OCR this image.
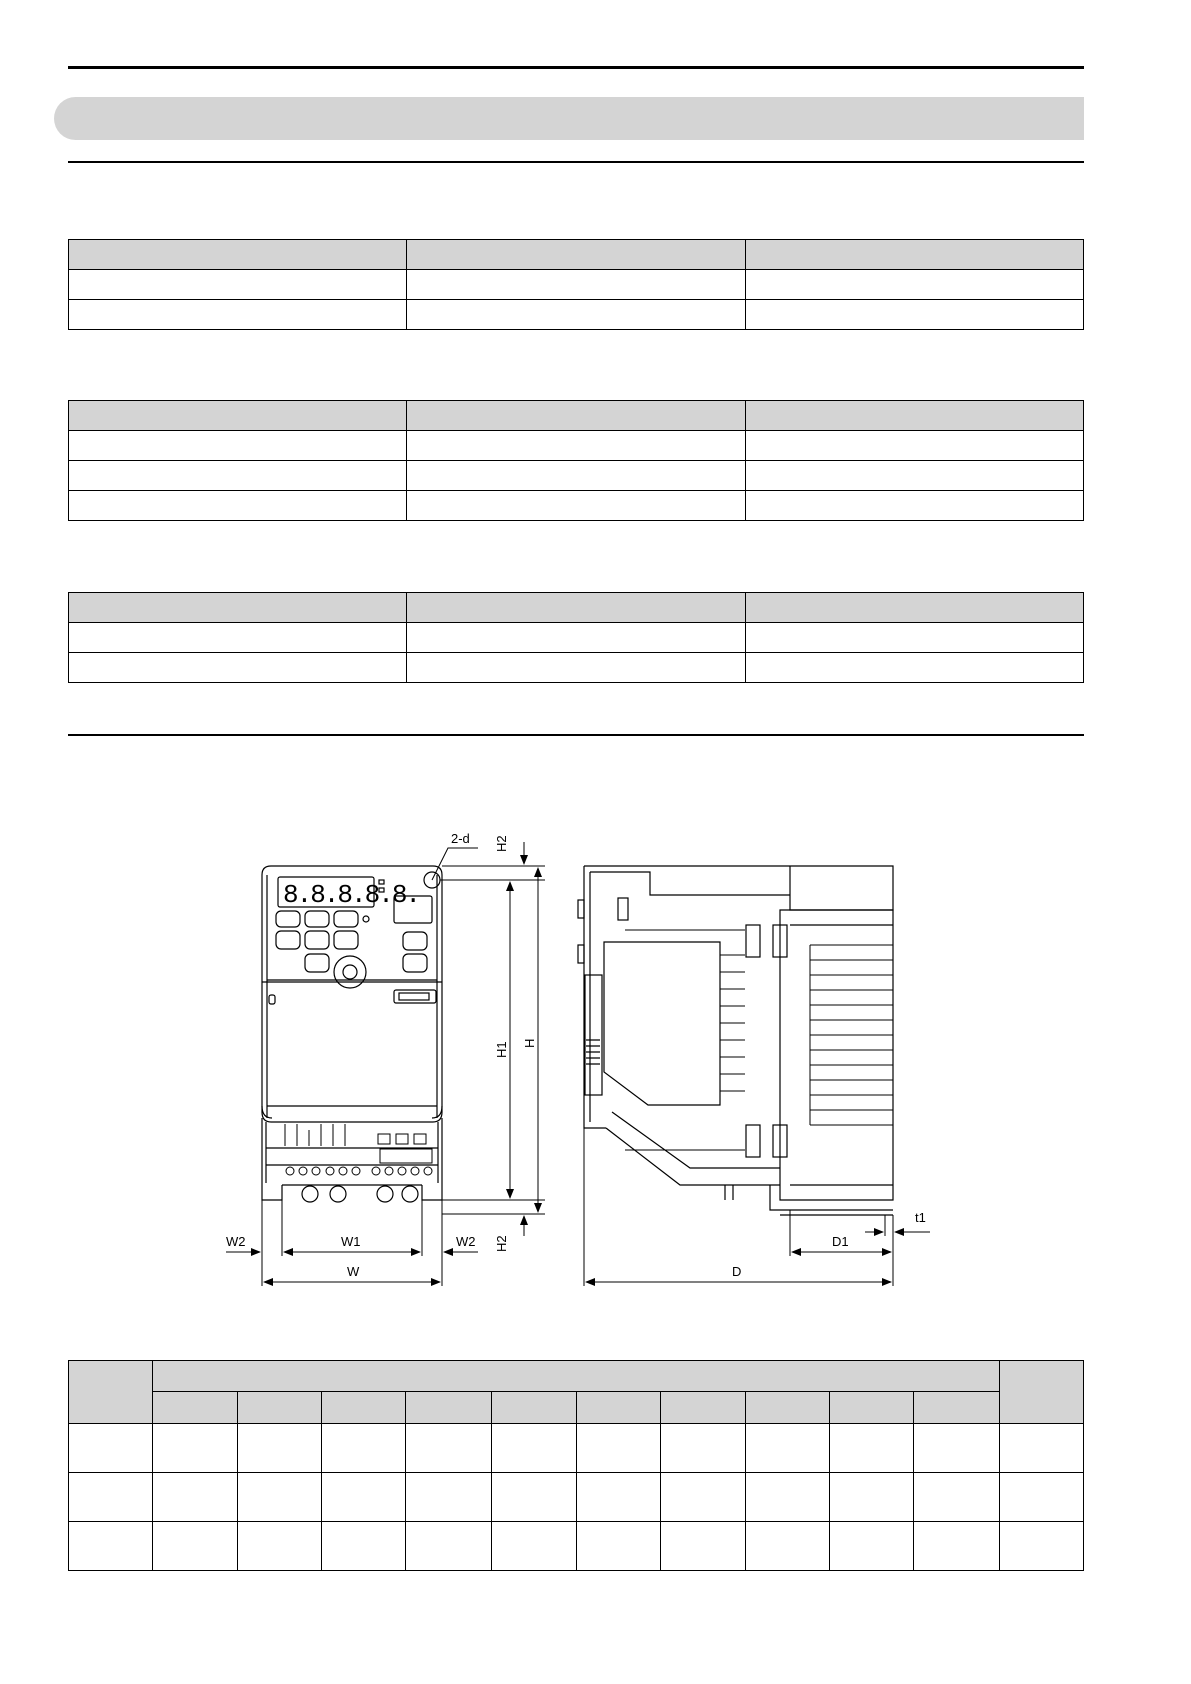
8.8.8.8.8.
2-d H2
H1 H
H2
W2	W1	W2
W	D
D1
t1
